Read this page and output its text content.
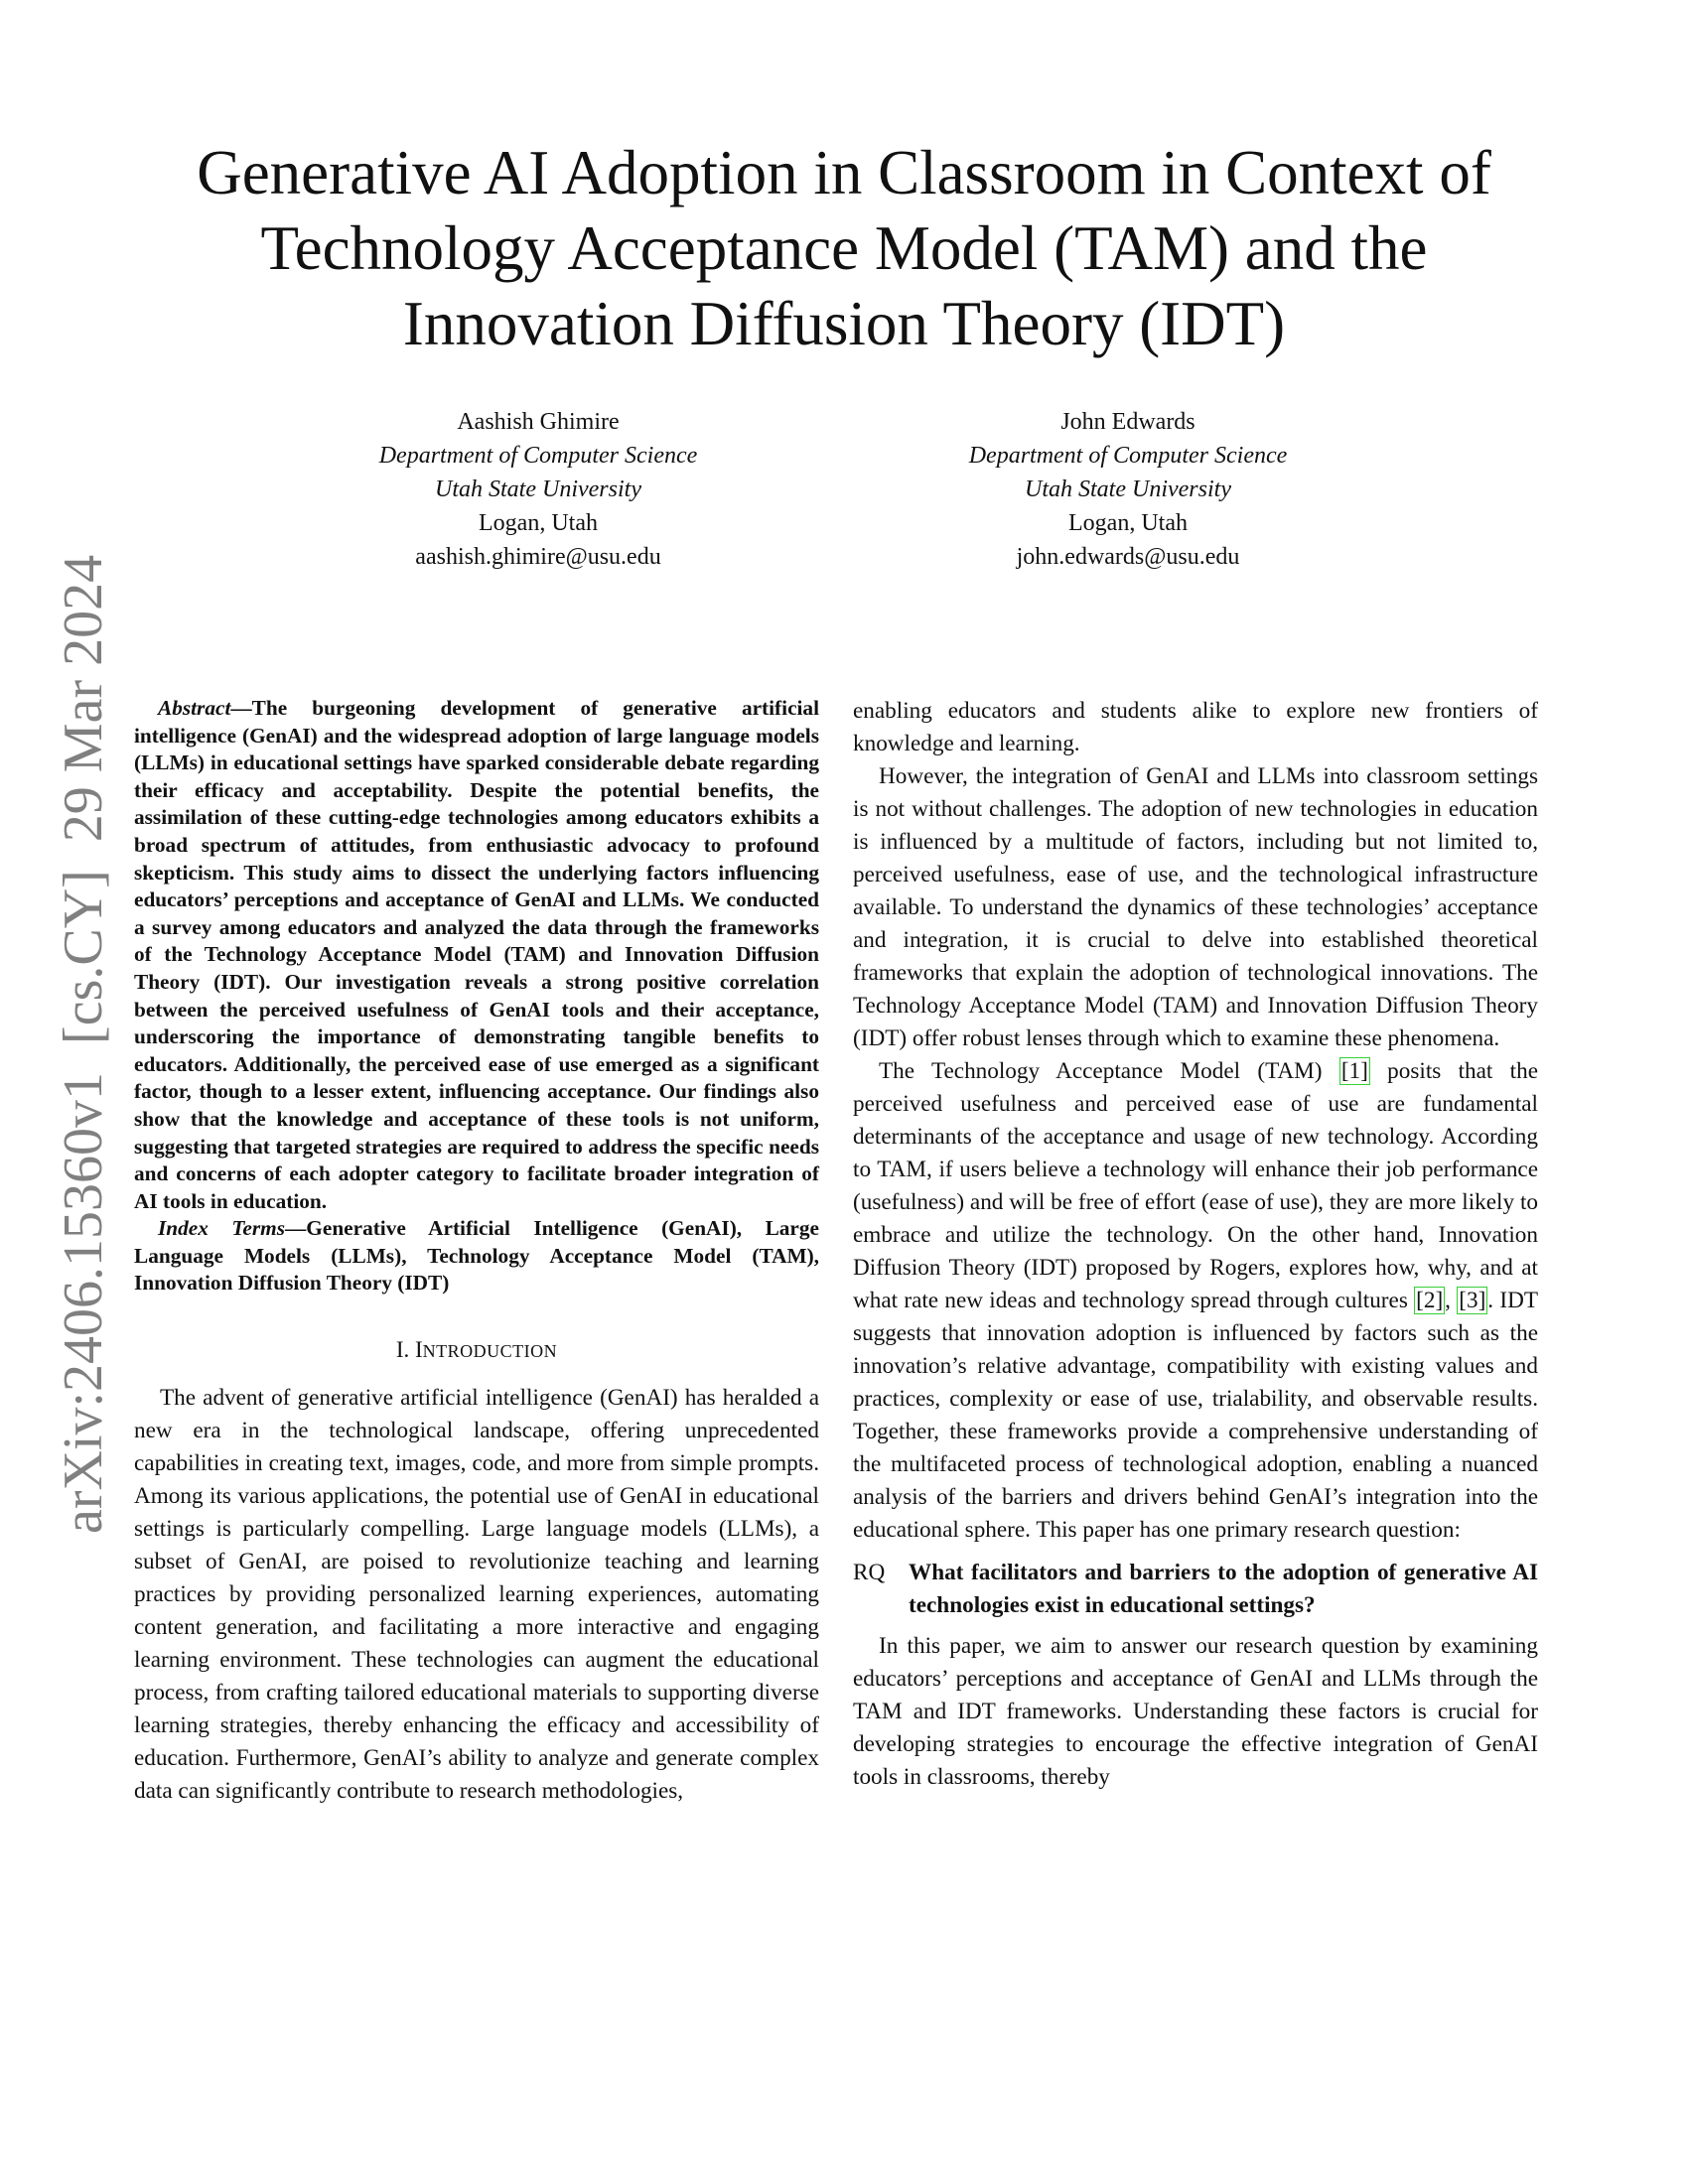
Generative AI Adoption in Classroom in Context of
Technology Acceptance Model (TAM) and the
Innovation Diffusion Theory (IDT)
Aashish Ghimire
Department of Computer Science
Utah State University
Logan, Utah
aashish.ghimire@usu.edu
John Edwards
Department of Computer Science
Utah State University
Logan, Utah
john.edwards@usu.edu
arXiv:2406.15360v1  [cs.CY]  29 Mar 2024	Abstract—The burgeoning development of generative artificial intelligence (GenAI) and the widespread adoption of large language models (LLMs) in educational settings have sparked considerable debate regarding their efficacy and acceptability. Despite the potential benefits, the assimilation of these cutting-edge technologies among educators exhibits a broad spectrum of attitudes, from enthusiastic advocacy to profound skepticism. This study aims to dissect the underlying factors influencing educators’ perceptions and acceptance of GenAI and LLMs. We conducted a survey among educators and analyzed the data through the frameworks of the Technology Acceptance Model (TAM) and Innovation Diffusion Theory (IDT). Our investigation reveals a strong positive correlation between the perceived usefulness of GenAI tools and their acceptance, underscoring the importance of demonstrating tangible benefits to educators. Additionally, the perceived ease of use emerged as a significant factor, though to a lesser extent, influencing acceptance. Our findings also show that the knowledge and acceptance of these tools is not uniform, suggesting that targeted strategies are required to address the specific needs and concerns of each adopter category to facilitate broader integration of AI tools in education.

Index Terms—Generative Artificial Intelligence (GenAI), Large Language Models (LLMs), Technology Acceptance Model (TAM), Innovation Diffusion Theory (IDT)

I. INTRODUCTION

The advent of generative artificial intelligence (GenAI) has heralded a new era in the technological landscape, offering unprecedented capabilities in creating text, images, code, and more from simple prompts. Among its various applications, the potential use of GenAI in educational settings is particularly compelling. Large language models (LLMs), a subset of GenAI, are poised to revolutionize teaching and learning practices by providing personalized learning experiences, automating content generation, and facilitating a more interactive and engaging learning environment. These technologies can augment the educational process, from crafting tailored educational materials to supporting diverse learning strategies, thereby enhancing the efficacy and accessibility of education. Furthermore, GenAI’s ability to analyze and generate complex data can significantly contribute to research methodologies,

enabling educators and students alike to explore new frontiers of knowledge and learning.

However, the integration of GenAI and LLMs into classroom settings is not without challenges. The adoption of new technologies in education is influenced by a multitude of factors, including but not limited to, perceived usefulness, ease of use, and the technological infrastructure available. To understand the dynamics of these technologies’ acceptance and integration, it is crucial to delve into established theoretical frameworks that explain the adoption of technological innovations. The Technology Acceptance Model (TAM) and Innovation Diffusion Theory (IDT) offer robust lenses through which to examine these phenomena.

The Technology Acceptance Model (TAM) [1] posits that the perceived usefulness and perceived ease of use are fundamental determinants of the acceptance and usage of new technology. According to TAM, if users believe a technology will enhance their job performance (usefulness) and will be free of effort (ease of use), they are more likely to embrace and utilize the technology. On the other hand, Innovation Diffusion Theory (IDT) proposed by Rogers, explores how, why, and at what rate new ideas and technology spread through cultures [2], [3]. IDT suggests that innovation adoption is influenced by factors such as the innovation’s relative advantage, compatibility with existing values and practices, complexity or ease of use, trialability, and observable results. Together, these frameworks provide a comprehensive understanding of the multifaceted process of technological adoption, enabling a nuanced analysis of the barriers and drivers behind GenAI’s integration into the educational sphere. This paper has one primary research question:

RQ	What facilitators and barriers to the adoption of generative AI technologies exist in educational settings?

In this paper, we aim to answer our research question by examining educators’ perceptions and acceptance of GenAI and LLMs through the TAM and IDT frameworks. Understanding these factors is crucial for developing strategies to encourage the effective integration of GenAI tools in classrooms, thereby
